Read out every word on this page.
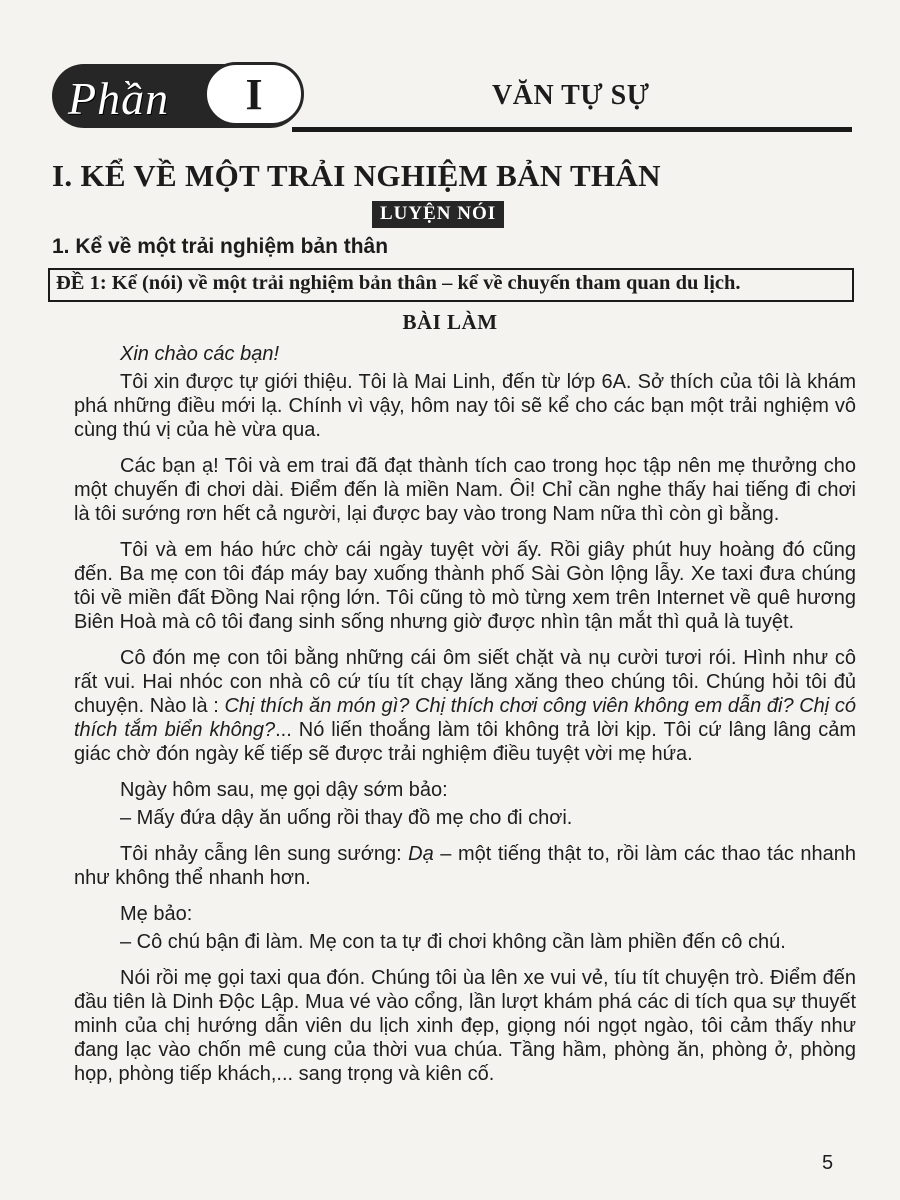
Phần I	VĂN TỰ SỰ
I. KỂ VỀ MỘT TRẢI NGHIỆM BẢN THÂN
LUYỆN NÓI
1. Kể về một trải nghiệm bản thân
ĐỀ 1: Kể (nói) về một trải nghiệm bản thân – kể về chuyến tham quan du lịch.
BÀI LÀM

Xin chào các bạn!

Tôi xin được tự giới thiệu. Tôi là Mai Linh, đến từ lớp 6A. Sở thích của tôi là khám phá những điều mới lạ. Chính vì vậy, hôm nay tôi sẽ kể cho các bạn một trải nghiệm vô cùng thú vị của hè vừa qua.

Các bạn ạ! Tôi và em trai đã đạt thành tích cao trong học tập nên mẹ thưởng cho một chuyến đi chơi dài. Điểm đến là miền Nam. Ôi! Chỉ cần nghe thấy hai tiếng đi chơi là tôi sướng rơn hết cả người, lại được bay vào trong Nam nữa thì còn gì bằng.

Tôi và em háo hức chờ cái ngày tuyệt vời ấy. Rồi giây phút huy hoàng đó cũng đến. Ba mẹ con tôi đáp máy bay xuống thành phố Sài Gòn lộng lẫy. Xe taxi đưa chúng tôi về miền đất Đồng Nai rộng lớn. Tôi cũng tò mò từng xem trên Internet về quê hương Biên Hoà mà cô tôi đang sinh sống nhưng giờ được nhìn tận mắt thì quả là tuyệt.

Cô đón mẹ con tôi bằng những cái ôm siết chặt và nụ cười tươi rói. Hình như cô rất vui. Hai nhóc con nhà cô cứ tíu tít chạy lăng xăng theo chúng tôi. Chúng hỏi tôi đủ chuyện. Nào là : Chị thích ăn món gì? Chị thích chơi công viên không em dẫn đi? Chị có thích tắm biển không?... Nó liến thoắng làm tôi không trả lời kịp. Tôi cứ lâng lâng cảm giác chờ đón ngày kế tiếp sẽ được trải nghiệm điều tuyệt vời mẹ hứa.

Ngày hôm sau, mẹ gọi dậy sớm bảo:

– Mấy đứa dậy ăn uống rồi thay đồ mẹ cho đi chơi.

Tôi nhảy cẫng lên sung sướng: Dạ – một tiếng thật to, rồi làm các thao tác nhanh như không thể nhanh hơn.

Mẹ bảo:

– Cô chú bận đi làm. Mẹ con ta tự đi chơi không cần làm phiền đến cô chú.

Nói rồi mẹ gọi taxi qua đón. Chúng tôi ùa lên xe vui vẻ, tíu tít chuyện trò. Điểm đến đầu tiên là Dinh Độc Lập. Mua vé vào cổng, lần lượt khám phá các di tích qua sự thuyết minh của chị hướng dẫn viên du lịch xinh đẹp, giọng nói ngọt ngào, tôi cảm thấy như đang lạc vào chốn mê cung của thời vua chúa. Tầng hầm, phòng ăn, phòng ở, phòng họp, phòng tiếp khách,... sang trọng và kiên cố.

5
